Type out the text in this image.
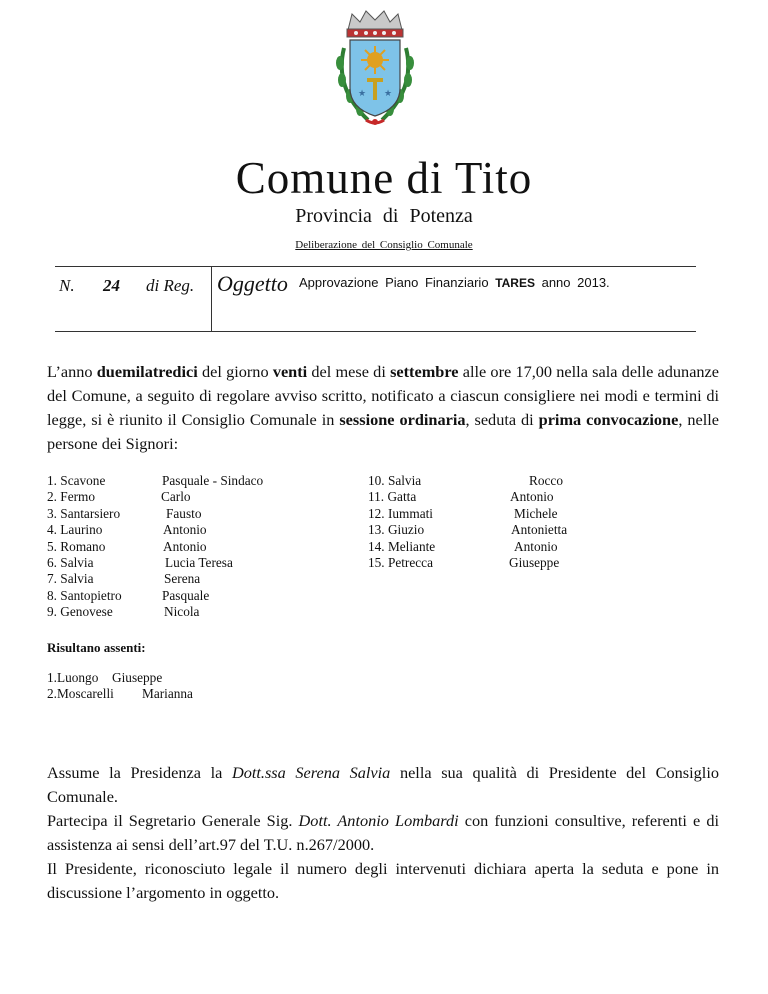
★ ★
Comune di Tito
Provincia di Potenza
Deliberazione del Consiglio Comunale
N. 24 di Reg. Oggetto Approvazione Piano Finanziario TARES anno 2013.

L’anno duemilatredici del giorno venti del mese di settembre alle ore 17,00 nella sala delle adunanze del Comune, a seguito di regolare avviso scritto, notificato a ciascun consigliere nei modi e termini di legge, si è riunito il Consiglio Comunale in sessione ordinaria, seduta di prima convocazione, nelle persone dei Signori:

1. Scavone	Pasquale - Sindaco
2. Fermo	Carlo
3. Santarsiero	Fausto
4. Laurino	Antonio
5. Romano	Antonio
6. Salvia	Lucia Teresa
7. Salvia	Serena
8. Santopietro	Pasquale
9. Genovese	Nicola
10. Salvia	Rocco
11. Gatta	Antonio
12. Iummati	Michele
13. Giuzio	Antonietta
14. Meliante	Antonio
15. Petrecca	Giuseppe
Risultano assenti:
1.Luongo Giuseppe
2.Moscarelli Marianna

Assume la Presidenza la Dott.ssa Serena Salvia nella sua qualità di Presidente del Consiglio Comunale.

Partecipa il Segretario Generale Sig. Dott. Antonio Lombardi con funzioni consultive, referenti e di assistenza ai sensi dell’art.97 del T.U. n.267/2000.

Il Presidente, riconosciuto legale il numero degli intervenuti dichiara aperta la seduta e pone in discussione l’argomento in oggetto.
